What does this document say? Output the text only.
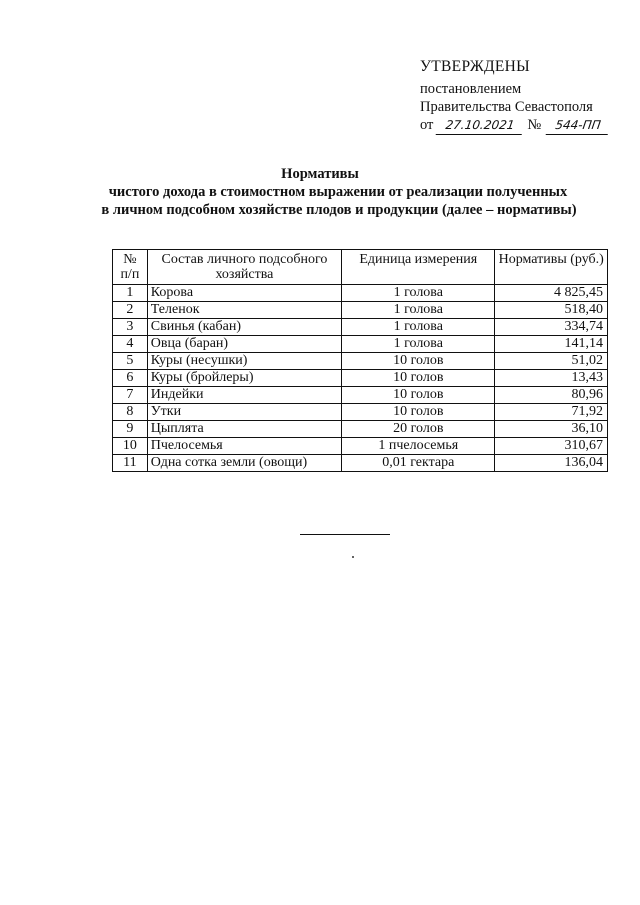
УТВЕРЖДЕНЫ
постановлением
Правительства Севастополя
от 27.10.2021 №	544-ПП
Нормативы
чистого дохода в стоимостном выражении от реализации полученных
в личном подсобном хозяйстве плодов и продукции (далее – нормативы)
№ п/п	Состав личного подсобного хозяйства	Единица измерения	Нормативы (руб.)
1	Корова	1 голова	4 825,45
2	Теленок	1 голова	518,40
3	Свинья (кабан)	1 голова	334,74
4	Овца (баран)	1 голова	141,14
5	Куры (несушки)	10 голов	51,02
6	Куры (бройлеры)	10 голов	13,43
7	Индейки	10 голов	80,96
8	Утки	10 голов	71,92
9	Цыплята	20 голов	36,10
10	Пчелосемья	1 пчелосемья	310,67
11	Одна сотка земли (овощи)	0,01 гектара	136,04
